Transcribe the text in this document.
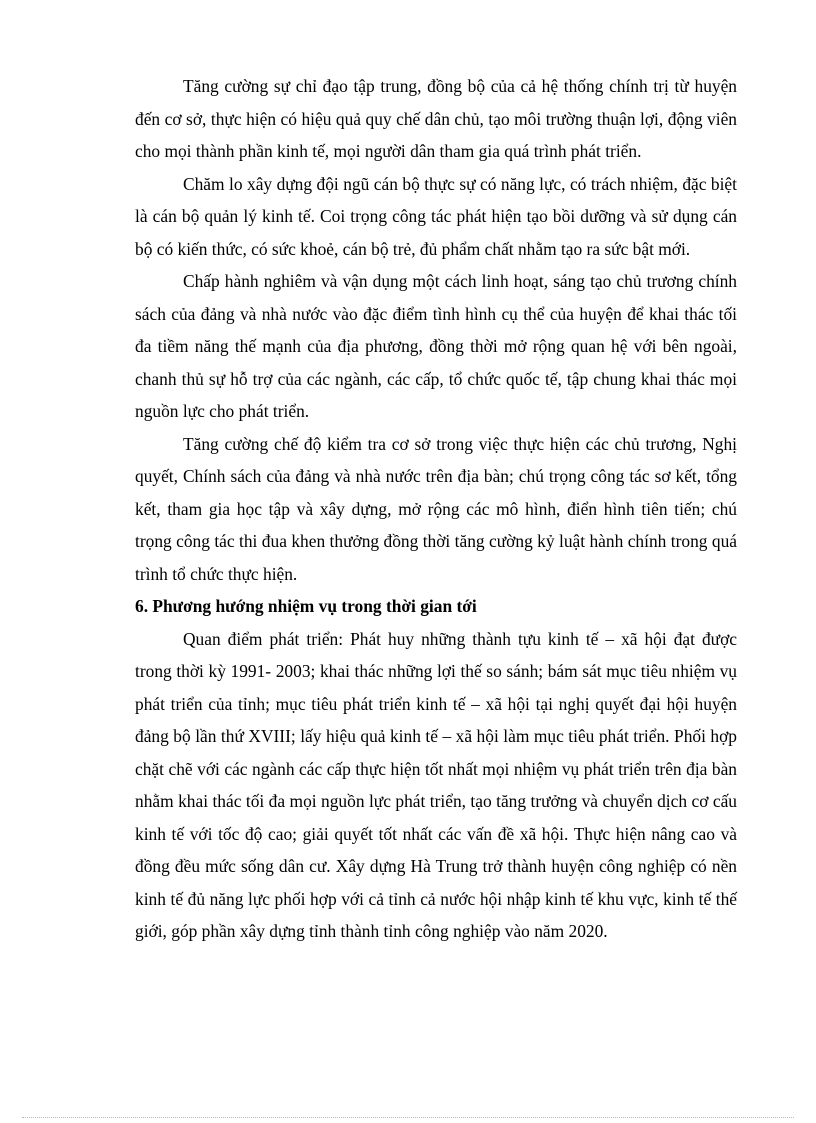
Tăng cường sự chỉ đạo tập trung, đồng bộ của cả hệ thống chính trị từ huyện đến cơ sở, thực hiện có hiệu quả quy chế dân chủ, tạo môi trường thuận lợi, động viên cho mọi thành phần kinh tế, mọi người dân tham gia quá trình phát triển.

Chăm lo xây dựng đội ngũ cán bộ thực sự có năng lực, có trách nhiệm, đặc biệt là cán bộ quản lý kinh tế. Coi trọng công tác phát hiện tạo bồi dưỡng và sử dụng cán bộ có kiến thức, có sức khoẻ, cán bộ trẻ, đủ phẩm chất nhằm tạo ra sức bật mới.

Chấp hành nghiêm và vận dụng một cách linh hoạt, sáng tạo chủ trương chính sách của đảng và nhà nước vào đặc điểm tình hình cụ thể của huyện để khai thác tối đa tiềm năng thế mạnh của địa phương, đồng thời mở rộng quan hệ với bên ngoài, chanh thủ sự hỗ trợ của các ngành, các cấp, tổ chức quốc tế, tập chung khai thác mọi nguồn lực cho phát triển.

Tăng cường chế độ kiểm tra cơ sở trong việc thực hiện các chủ trương, Nghị quyết, Chính sách của đảng và nhà nước trên địa bàn; chú trọng công tác sơ kết, tổng kết, tham gia học tập và xây dựng, mở rộng các mô hình, điển hình tiên tiến; chú trọng công tác thi đua khen thưởng đồng thời tăng cường kỷ luật hành chính trong quá trình tổ chức thực hiện.

6. Phương hướng nhiệm vụ trong thời gian tới

Quan điểm phát triển: Phát huy những thành tựu kinh tế – xã hội đạt được trong thời kỳ 1991- 2003; khai thác những lợi thế so sánh; bám sát mục tiêu nhiệm vụ phát triển của tỉnh; mục tiêu phát triển kinh tế – xã hội tại nghị quyết đại hội huyện đảng bộ lần thứ XVIII; lấy hiệu quả kinh tế – xã hội làm mục tiêu phát triển. Phối hợp chặt chẽ với các ngành các cấp thực hiện tốt nhất mọi nhiệm vụ phát triển trên địa bàn nhằm khai thác tối đa mọi nguồn lực phát triển, tạo tăng trưởng và chuyển dịch cơ cấu kinh tế với tốc độ cao; giải quyết tốt nhất các vấn đề xã hội. Thực hiện nâng cao và đồng đều mức sống dân cư. Xây dựng Hà Trung trở thành huyện công nghiệp có nền kinh tế đủ năng lực phối hợp với cả tỉnh cả nước hội nhập kinh tế khu vực, kinh tế thế giới, góp phần xây dựng tỉnh thành tỉnh công nghiệp vào năm 2020.
